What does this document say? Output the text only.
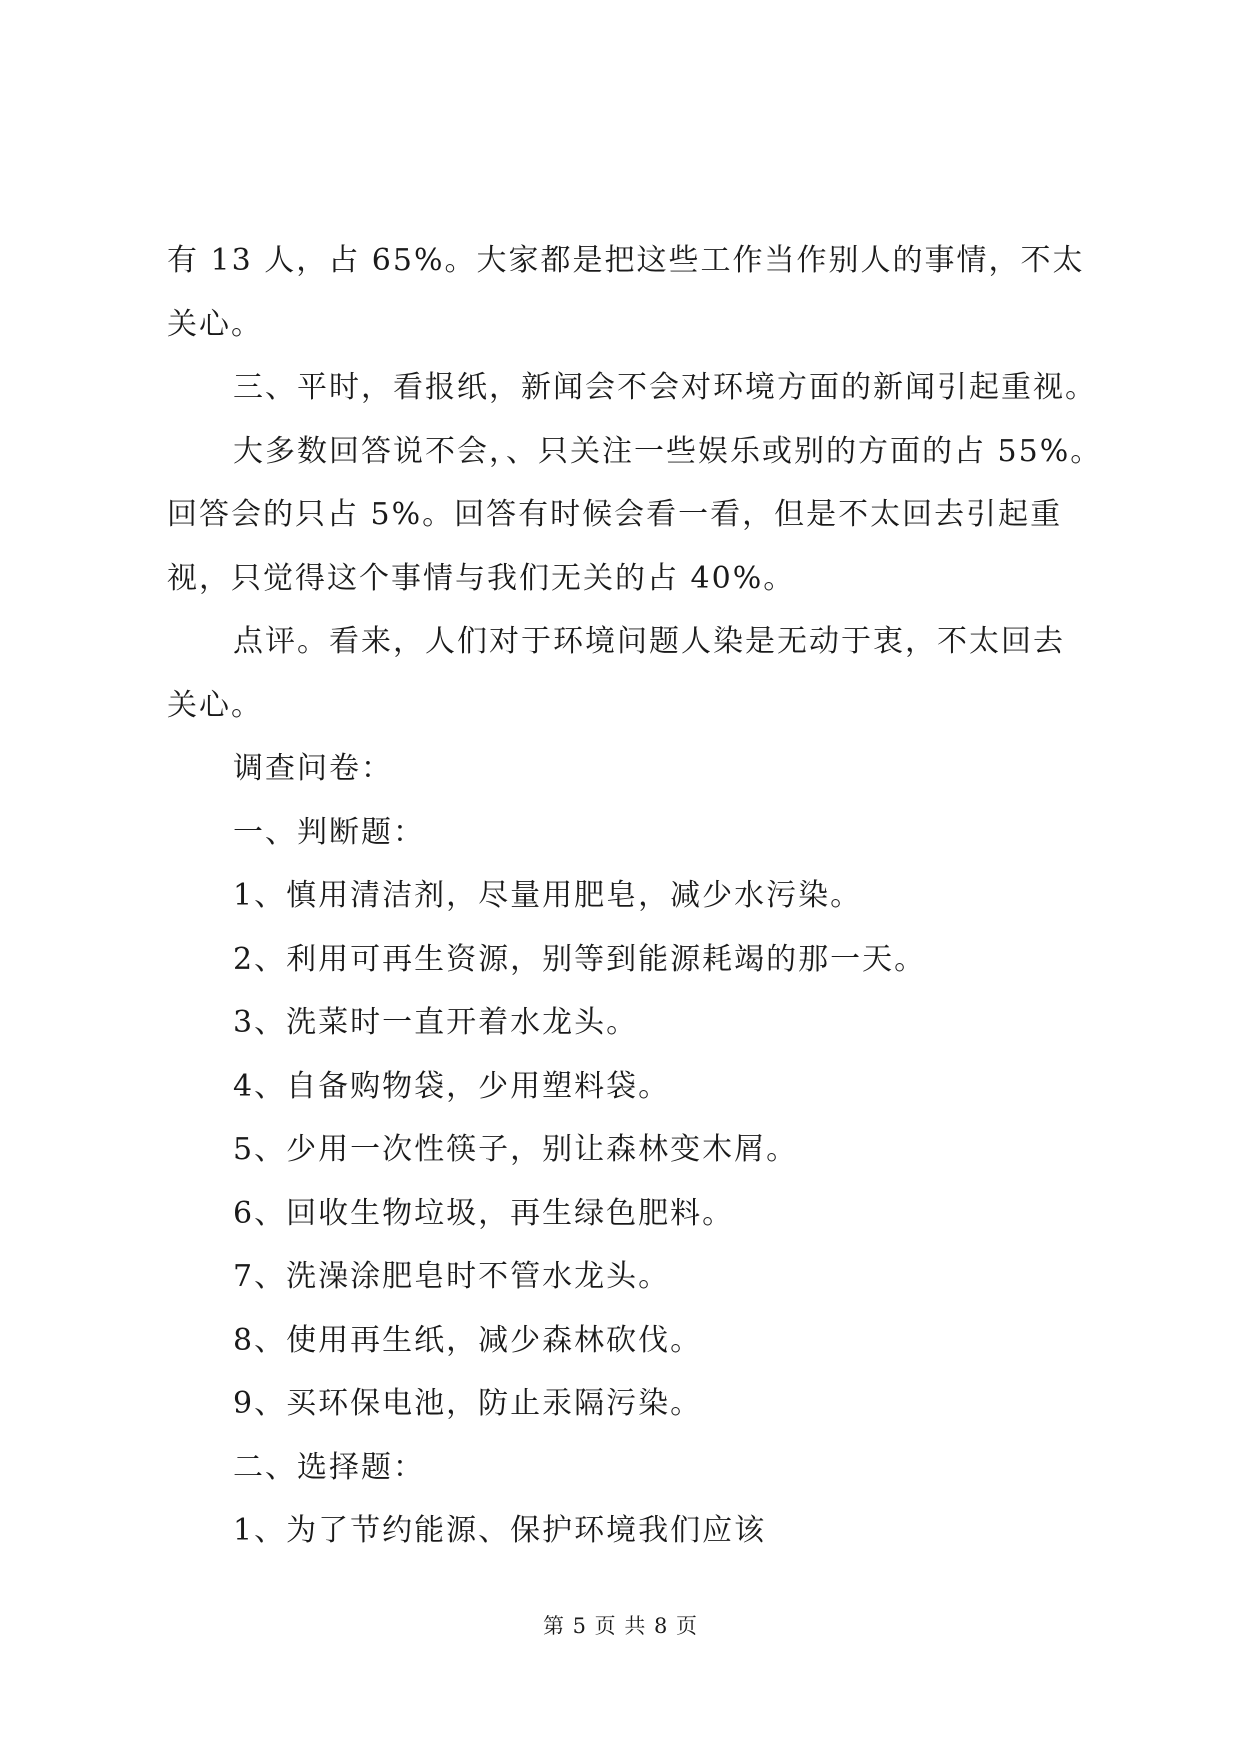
有 13 人，占 65%。大家都是把这些工作当作别人的事情，不太
关心。
三、平时，看报纸，新闻会不会对环境方面的新闻引起重视。
大多数回答说不会，、只关注一些娱乐或别的方面的占 55%。
回答会的只占 5%。回答有时候会看一看，但是不太回去引起重
视，只觉得这个事情与我们无关的占 40%。
点评。看来，人们对于环境问题人染是无动于衷，不太回去
关心。
调查问卷：
一、判断题：
1、慎用清洁剂，尽量用肥皂，减少水污染。
2、利用可再生资源，别等到能源耗竭的那一天。
3、洗菜时一直开着水龙头。
4、自备购物袋，少用塑料袋。
5、少用一次性筷子，别让森林变木屑。
6、回收生物垃圾，再生绿色肥料。
7、洗澡涂肥皂时不管水龙头。
8、使用再生纸，减少森林砍伐。
9、买环保电池，防止汞隔污染。
二、选择题：
1、为了节约能源、保护环境我们应该
第 5 页 共 8 页
